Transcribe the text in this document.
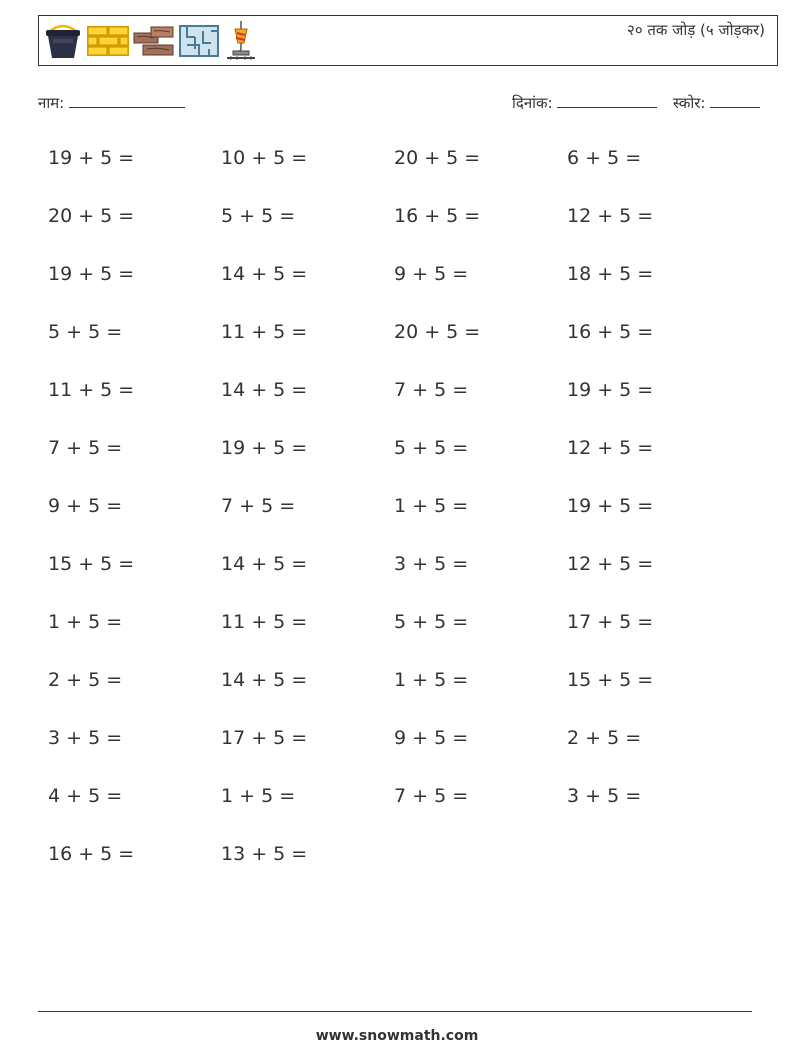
२० तक जोड़ (५ जोड़कर)
नाम:	दिनांक:	स्कोर:
19 + 5 =	10 + 5 =	20 + 5 =	6 + 5 =
20 + 5 =	5 + 5 =	16 + 5 =	12 + 5 =
19 + 5 =	14 + 5 =	9 + 5 =	18 + 5 =
5 + 5 =	11 + 5 =	20 + 5 =	16 + 5 =
11 + 5 =	14 + 5 =	7 + 5 =	19 + 5 =
7 + 5 =	19 + 5 =	5 + 5 =	12 + 5 =
9 + 5 =	7 + 5 =	1 + 5 =	19 + 5 =
15 + 5 =	14 + 5 =	3 + 5 =	12 + 5 =
1 + 5 =	11 + 5 =	5 + 5 =	17 + 5 =
2 + 5 =	14 + 5 =	1 + 5 =	15 + 5 =
3 + 5 =	17 + 5 =	9 + 5 =	2 + 5 =
4 + 5 =	1 + 5 =	7 + 5 =	3 + 5 =
16 + 5 =	13 + 5 =
www.snowmath.com
